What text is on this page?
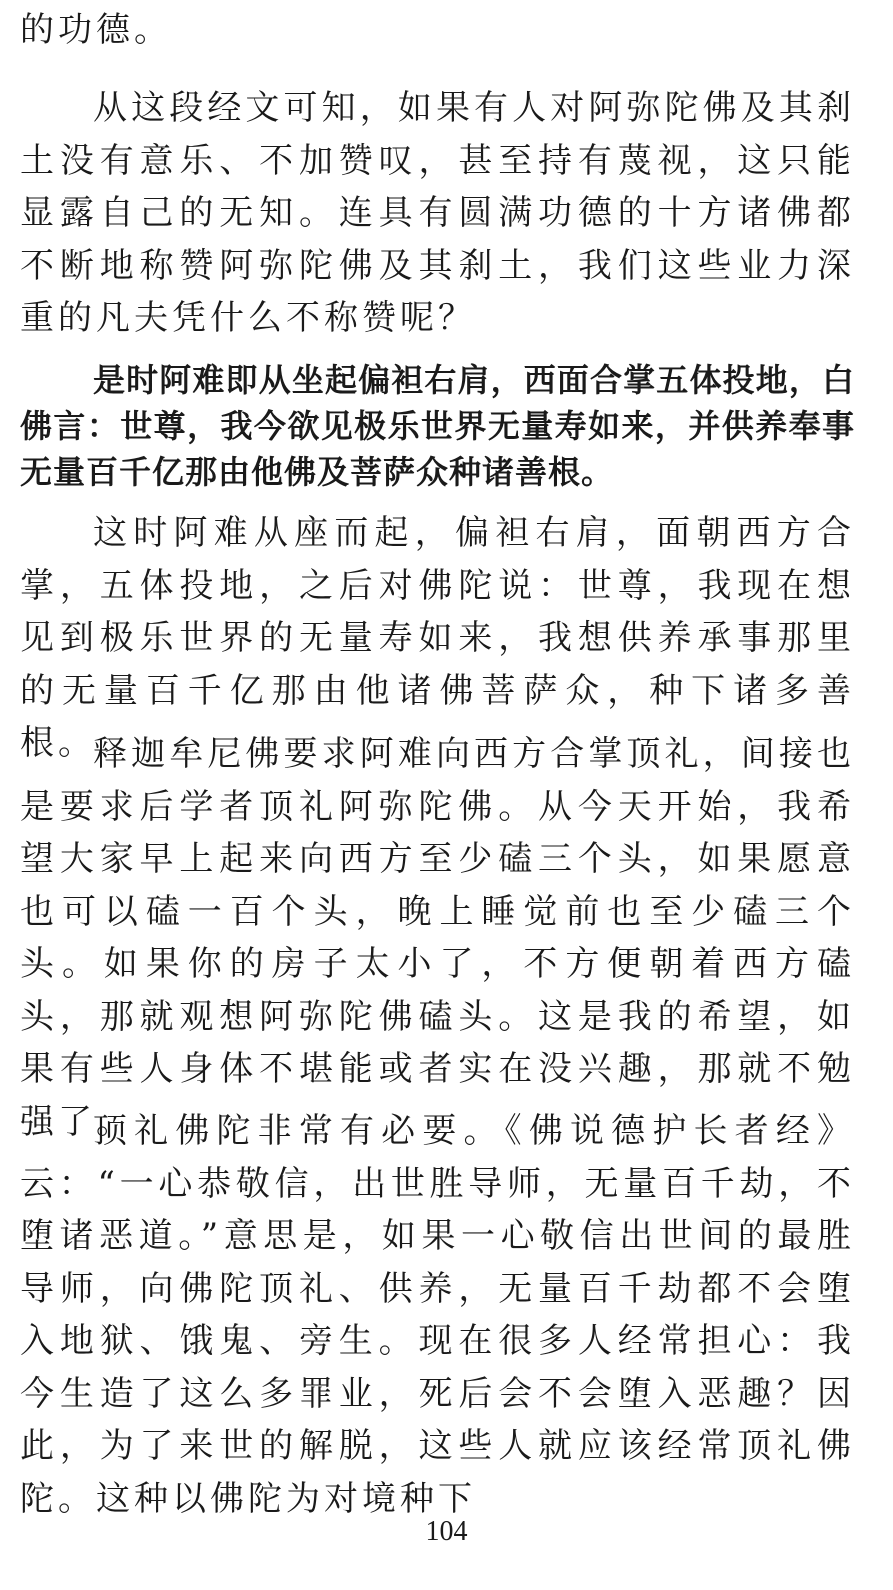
的功德。

从这段经文可知，如果有人对阿弥陀佛及其刹土没有意乐、不加赞叹，甚至持有蔑视，这只能显露自己的无知。连具有圆满功德的十方诸佛都不断地称赞阿弥陀佛及其刹土，我们这些业力深重的凡夫凭什么不称赞呢？

是时阿难即从坐起偏袒右肩，西面合掌五体投地，白佛言：世尊，我今欲见极乐世界无量寿如来，并供养奉事无量百千亿那由他佛及菩萨众种诸善根。

这时阿难从座而起，偏袒右肩，面朝西方合掌，五体投地，之后对佛陀说：世尊，我现在想见到极乐世界的无量寿如来，我想供养承事那里的无量百千亿那由他诸佛菩萨众，种下诸多善根。

释迦牟尼佛要求阿难向西方合掌顶礼，间接也是要求后学者顶礼阿弥陀佛。从今天开始，我希望大家早上起来向西方至少磕三个头，如果愿意也可以磕一百个头，晚上睡觉前也至少磕三个头。如果你的房子太小了，不方便朝着西方磕头，那就观想阿弥陀佛磕头。这是我的希望，如果有些人身体不堪能或者实在没兴趣，那就不勉强了。

顶礼佛陀非常有必要。《佛说德护长者经》云：“一心恭敬信，出世胜导师，无量百千劫，不堕诸恶道。”意思是，如果一心敬信出世间的最胜导师，向佛陀顶礼、供养，无量百千劫都不会堕入地狱、饿鬼、旁生。现在很多人经常担心：我今生造了这么多罪业，死后会不会堕入恶趣？因此，为了来世的解脱，这些人就应该经常顶礼佛陀。这种以佛陀为对境种下

104
